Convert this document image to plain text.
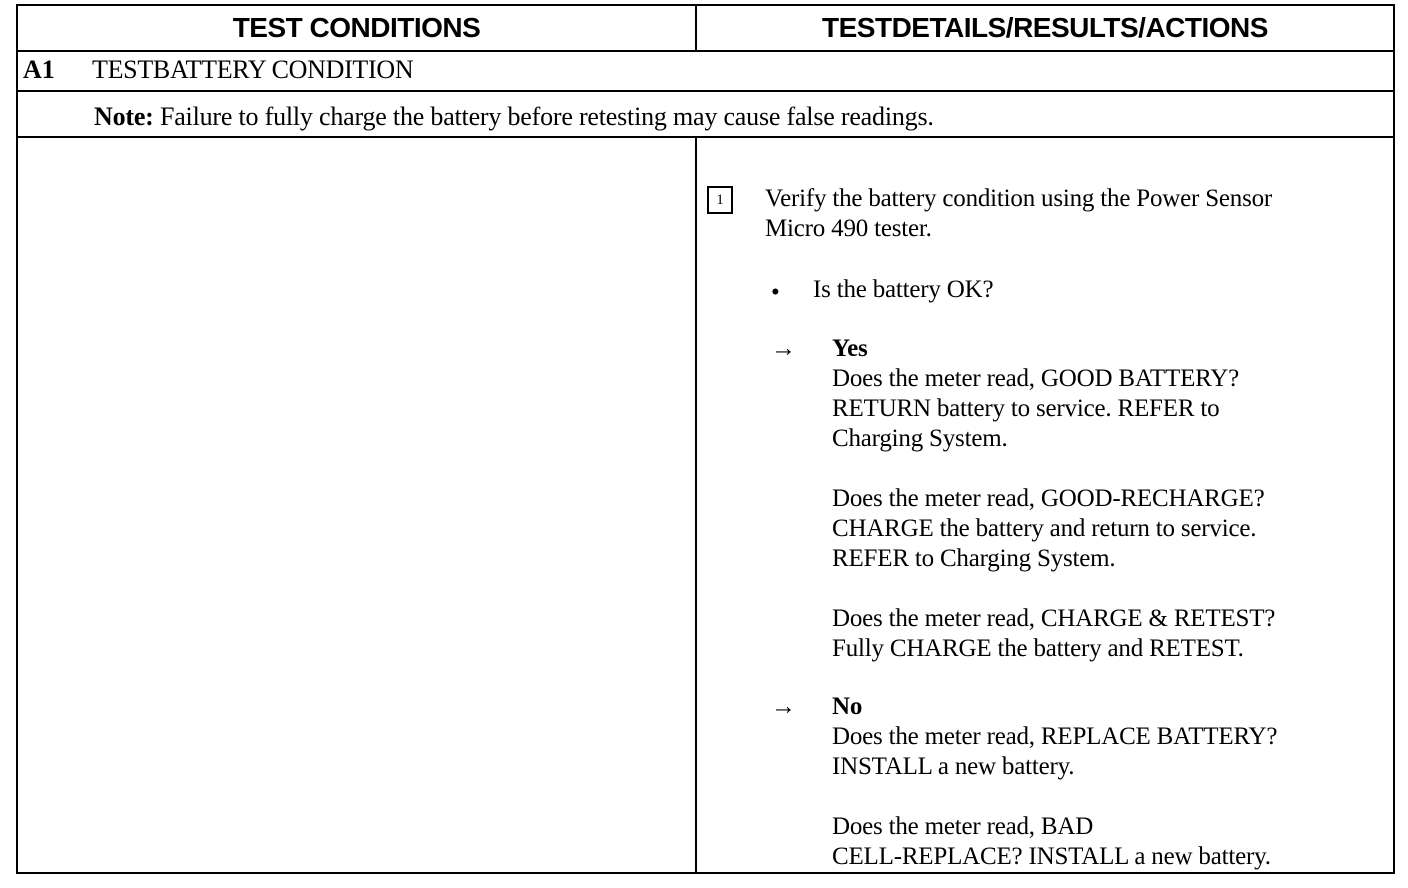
TEST CONDITIONS	TESTDETAILS/RESULTS/ACTIONS
A1 TESTBATTERY CONDITION
Note: Failure to fully charge the battery before retesting may cause false readings.
1	Verify the battery condition using the Power Sensor
Micro 490 tester.
• Is the battery OK?
→ Yes
Does the meter read, GOOD BATTERY?
RETURN battery to service. REFER to
Charging System.
Does the meter read, GOOD-RECHARGE?
CHARGE the battery and return to service.
REFER to Charging System.
Does the meter read, CHARGE & RETEST?
Fully CHARGE the battery and RETEST.
→ No
Does the meter read, REPLACE BATTERY?
INSTALL a new battery.
Does the meter read, BAD
CELL-REPLACE? INSTALL a new battery.
